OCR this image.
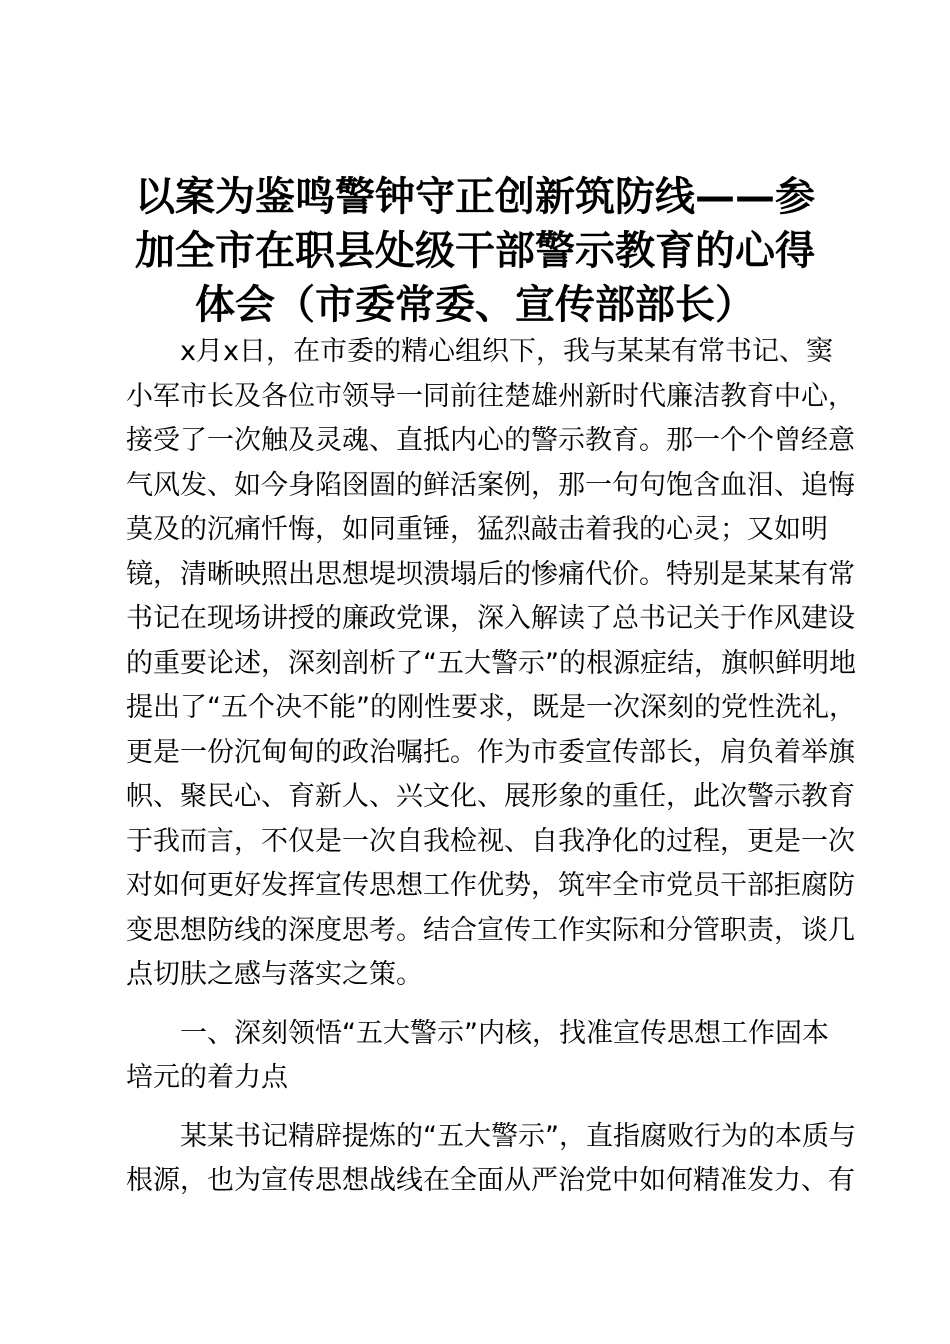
以案为鉴鸣警钟守正创新筑防线——参
加全市在职县处级干部警示教育的心得
体会（市委常委、宣传部部长）
x月x日，在市委的精心组织下，我与某某有常书记、窦
小军市长及各位市领导一同前往楚雄州新时代廉洁教育中心，
接受了一次触及灵魂、直抵内心的警示教育。那一个个曾经意
气风发、如今身陷囹圄的鲜活案例，那一句句饱含血泪、追悔
莫及的沉痛忏悔，如同重锤，猛烈敲击着我的心灵；又如明
镜，清晰映照出思想堤坝溃塌后的惨痛代价。特别是某某有常
书记在现场讲授的廉政党课，深入解读了总书记关于作风建设
的重要论述，深刻剖析了“五大警示”的根源症结，旗帜鲜明地
提出了“五个决不能”的刚性要求，既是一次深刻的党性洗礼，
更是一份沉甸甸的政治嘱托。作为市委宣传部长，肩负着举旗
帜、聚民心、育新人、兴文化、展形象的重任，此次警示教育
于我而言，不仅是一次自我检视、自我净化的过程，更是一次
对如何更好发挥宣传思想工作优势，筑牢全市党员干部拒腐防
变思想防线的深度思考。结合宣传工作实际和分管职责，谈几
点切肤之感与落实之策。
一、深刻领悟“五大警示”内核，找准宣传思想工作固本
培元的着力点
某某书记精辟提炼的“五大警示”，直指腐败行为的本质与
根源，也为宣传思想战线在全面从严治党中如何精准发力、有
